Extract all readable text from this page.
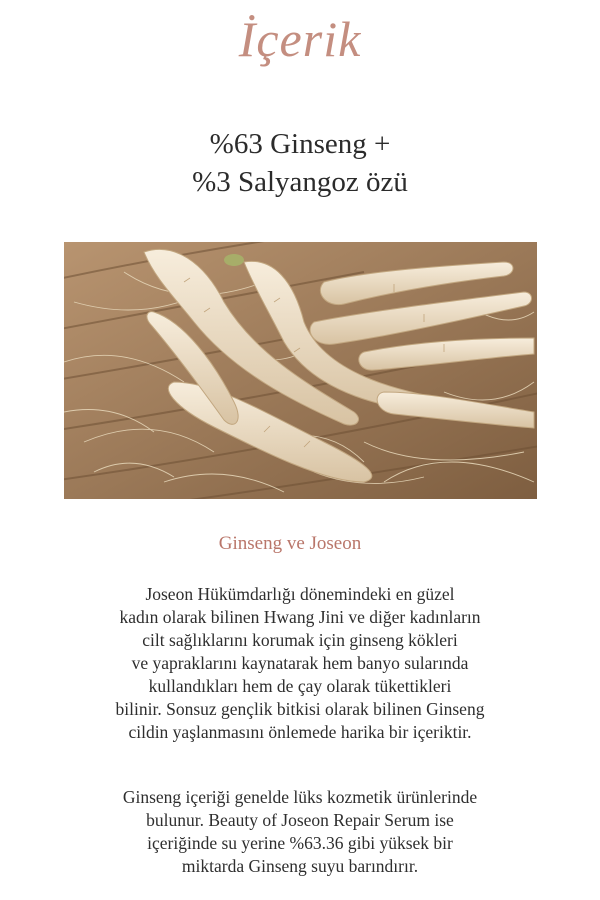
İçerik
%63 Ginseng +
%3 Salyangoz özü
Ginseng ve Joseon
Joseon Hükümdarlığı dönemindeki en güzel
kadın olarak bilinen Hwang Jini ve diğer kadınların
cilt sağlıklarını korumak için ginseng kökleri
ve yapraklarını kaynatarak hem banyo sularında
kullandıkları hem de çay olarak tükettikleri
bilinir. Sonsuz gençlik bitkisi olarak bilinen Ginseng
cildin yaşlanmasını önlemede harika bir içeriktir.
Ginseng içeriği genelde lüks kozmetik ürünlerinde
bulunur. Beauty of Joseon Repair Serum ise
içeriğinde su yerine %63.36 gibi yüksek bir
miktarda Ginseng suyu barındırır.
